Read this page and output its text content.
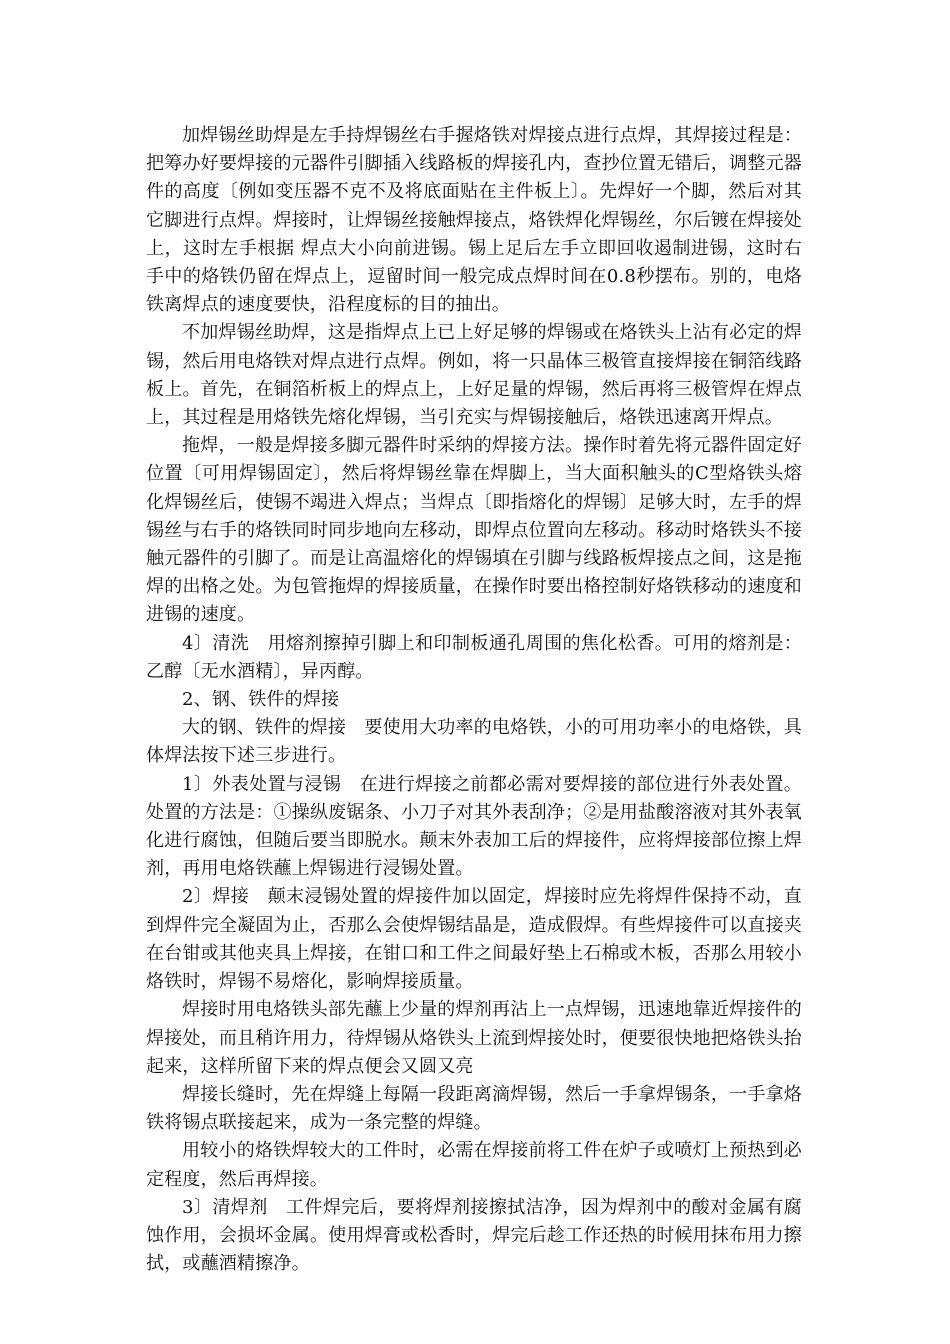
加焊锡丝助焊是左手持焊锡丝右手握烙铁对焊接点进行点焊，其焊接过程是：把筹办好要焊接的元器件引脚插入线路板的焊接孔内，查抄位置无错后，调整元器件的高度〔例如变压器不克不及将底面贴在主件板上〕。先焊好一个脚，然后对其它脚进行点焊。焊接时，让焊锡丝接触焊接点，烙铁焊化焊锡丝，尔后镀在焊接处上，这时左手根据 焊点大小向前进锡。锡上足后左手立即回收遏制进锡，这时右手中的烙铁仍留在焊点上，逗留时间一般完成点焊时间在0.8秒摆布。别的，电烙铁离焊点的速度要快，沿程度标的目的抽出。

不加焊锡丝助焊，这是指焊点上已上好足够的焊锡或在烙铁头上沾有必定的焊锡，然后用电烙铁对焊点进行点焊。例如，将一只晶体三极管直接焊接在铜箔线路板上。首先，在铜箔析板上的焊点上，上好足量的焊锡，然后再将三极管焊在焊点上，其过程是用烙铁先熔化焊锡，当引充实与焊锡接触后，烙铁迅速离开焊点。

拖焊，一般是焊接多脚元器件时采纳的焊接方法。操作时着先将元器件固定好位置〔可用焊锡固定〕，然后将焊锡丝靠在焊脚上，当大面积触头的C型烙铁头熔化焊锡丝后，使锡不竭进入焊点；当焊点〔即指熔化的焊锡〕足够大时，左手的焊锡丝与右手的烙铁同时同步地向左移动，即焊点位置向左移动。移动时烙铁头不接触元器件的引脚了。而是让高温熔化的焊锡填在引脚与线路板焊接点之间，这是拖焊的出格之处。为包管拖焊的焊接质量，在操作时要出格控制好烙铁移动的速度和进锡的速度。

4〕清洗　用熔剂擦掉引脚上和印制板通孔周围的焦化松香。可用的熔剂是：乙醇〔无水酒精〕，异丙醇。

2、钢、铁件的焊接

大的钢、铁件的焊接　要使用大功率的电烙铁，小的可用功率小的电烙铁，具体焊法按下述三步进行。

1〕外表处置与浸锡　在进行焊接之前都必需对要焊接的部位进行外表处置。处置的方法是：①操纵废锯条、小刀子对其外表刮净；②是用盐酸溶液对其外表氧化进行腐蚀，但随后要当即脱水。颠末外表加工后的焊接件，应将焊接部位擦上焊剂，再用电烙铁蘸上焊锡进行浸锡处置。

2〕焊接　颠末浸锡处置的焊接件加以固定，焊接时应先将焊件保持不动，直到焊件完全凝固为止，否那么会使焊锡结晶是，造成假焊。有些焊接件可以直接夹在台钳或其他夹具上焊接，在钳口和工件之间最好垫上石棉或木板，否那么用较小烙铁时，焊锡不易熔化，影响焊接质量。

焊接时用电烙铁头部先蘸上少量的焊剂再沾上一点焊锡，迅速地靠近焊接件的焊接处，而且稍许用力，待焊锡从烙铁头上流到焊接处时，便要很快地把烙铁头抬起来，这样所留下来的焊点便会又圆又亮

焊接长缝时，先在焊缝上每隔一段距离滴焊锡，然后一手拿焊锡条，一手拿烙铁将锡点联接起来，成为一条完整的焊缝。

用较小的烙铁焊较大的工件时，必需在焊接前将工件在炉子或喷灯上预热到必定程度，然后再焊接。

3〕清焊剂　工件焊完后，要将焊剂接擦拭洁净，因为焊剂中的酸对金属有腐蚀作用，会损坏金属。使用焊膏或松香时，焊完后趁工作还热的时候用抹布用力擦拭，或蘸酒精擦净。
